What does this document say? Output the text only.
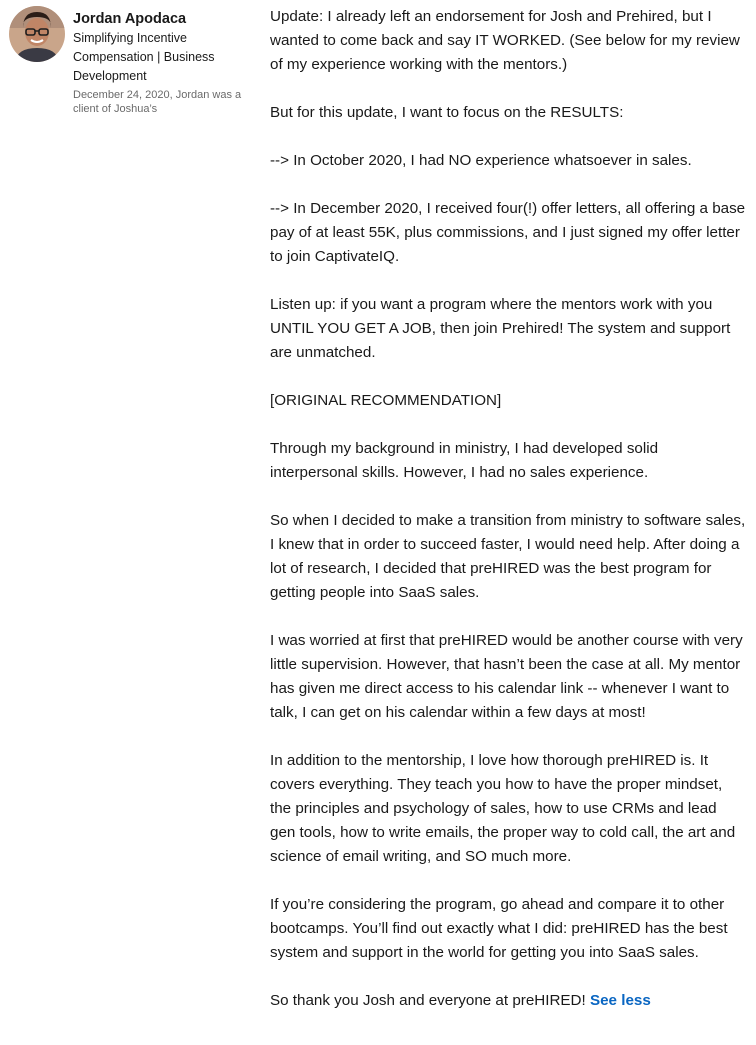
Jordan Apodaca
Simplifying Incentive Compensation | Business Development
December 24, 2020, Jordan was a client of Joshua’s

Update: I already left an endorsement for Josh and Prehired, but I wanted to come back and say IT WORKED. (See below for my review of my experience working with the mentors.)

But for this update, I want to focus on the RESULTS:

--> In October 2020, I had NO experience whatsoever in sales.

--> In December 2020, I received four(!) offer letters, all offering a base pay of at least 55K, plus commissions, and I just signed my offer letter to join CaptivateIQ.

Listen up: if you want a program where the mentors work with you UNTIL YOU GET A JOB, then join Prehired! The system and support are unmatched.

[ORIGINAL RECOMMENDATION]

Through my background in ministry, I had developed solid interpersonal skills. However, I had no sales experience.

So when I decided to make a transition from ministry to software sales, I knew that in order to succeed faster, I would need help. After doing a lot of research, I decided that preHIRED was the best program for getting people into SaaS sales.

I was worried at first that preHIRED would be another course with very little supervision. However, that hasn’t been the case at all. My mentor has given me direct access to his calendar link -- whenever I want to talk, I can get on his calendar within a few days at most!

In addition to the mentorship, I love how thorough preHIRED is. It covers everything. They teach you how to have the proper mindset, the principles and psychology of sales, how to use CRMs and lead gen tools, how to write emails, the proper way to cold call, the art and science of email writing, and SO much more.

If you’re considering the program, go ahead and compare it to other bootcamps. You’ll find out exactly what I did: preHIRED has the best system and support in the world for getting you into SaaS sales.

So thank you Josh and everyone at preHIRED! See less
